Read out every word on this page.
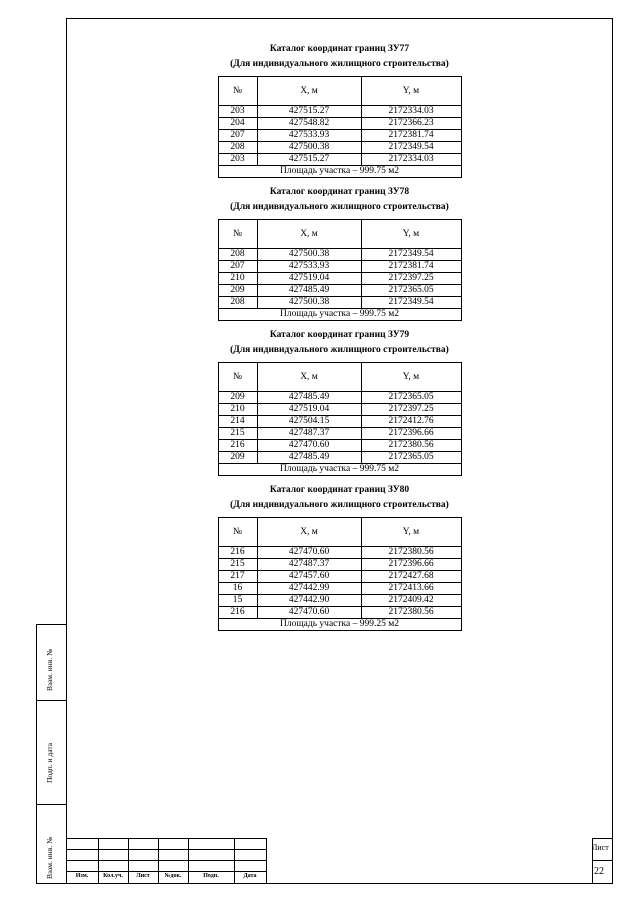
Взам. инв. №
Подп. и дата
Взам. инв. №
Каталог координат границ ЗУ77
(Для индивидуального жилищного строительства)
№	X, м	Y, м
203	427515.27	2172334.03
204	427548.82	2172366.23
207	427533.93	2172381.74
208	427500.38	2172349.54
203	427515.27	2172334.03
Площадь участка – 999.75 м2		
Каталог координат границ ЗУ78
(Для индивидуального жилищного строительства)
№	X, м	Y, м
208	427500.38	2172349.54
207	427533.93	2172381.74
210	427519.04	2172397.25
209	427485.49	2172365.05
208	427500.38	2172349.54
Площадь участка – 999.75 м2		
Каталог координат границ ЗУ79
(Для индивидуального жилищного строительства)
№	X, м	Y, м
209	427485.49	2172365.05
210	427519.04	2172397.25
214	427504.15	2172412.76
215	427487.37	2172396.66
216	427470.60	2172380.56
209	427485.49	2172365.05
Площадь участка – 999.75 м2		
Каталог координат границ ЗУ80
(Для индивидуального жилищного строительства)
№	X, м	Y, м
216	427470.60	2172380.56
215	427487.37	2172396.66
217	427457.60	2172427.68
16	427442.99	2172413.66
15	427442.90	2172409.42
216	427470.60	2172380.56
Площадь участка – 999.25 м2		
Изм.	Кол.уч.	Лист	№док.	Подп.	Дата
Лист
22
